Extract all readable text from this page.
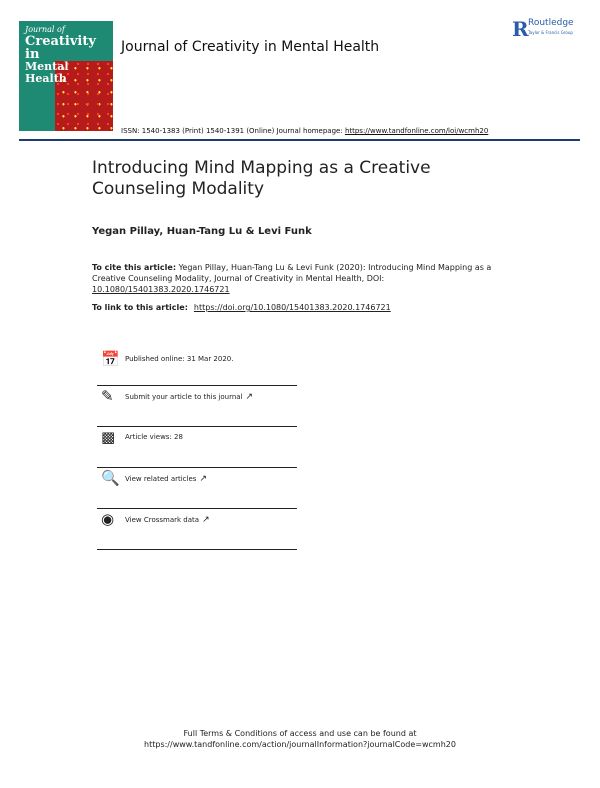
Journal of
Creativity in
Mental Health
Journal of Creativity in Mental Health
R Routledge
Taylor & Francis Group
ISSN: 1540-1383 (Print) 1540-1391 (Online) Journal homepage: https://www.tandfonline.com/loi/wcmh20
Introducing Mind Mapping as a Creative Counseling Modality
Yegan Pillay, Huan-Tang Lu & Levi Funk
To cite this article: Yegan Pillay, Huan-Tang Lu & Levi Funk (2020): Introducing Mind Mapping as a Creative Counseling Modality, Journal of Creativity in Mental Health, DOI: 10.1080/15401383.2020.1746721
To link to this article: https://doi.org/10.1080/15401383.2020.1746721
📅 Published online: 31 Mar 2020.
✎	Submit your article to this journal ↗
▩ Article views: 28
🔍 View related articles ↗
◉	View Crossmark data ↗
Full Terms & Conditions of access and use can be found at
https://www.tandfonline.com/action/journalInformation?journalCode=wcmh20
